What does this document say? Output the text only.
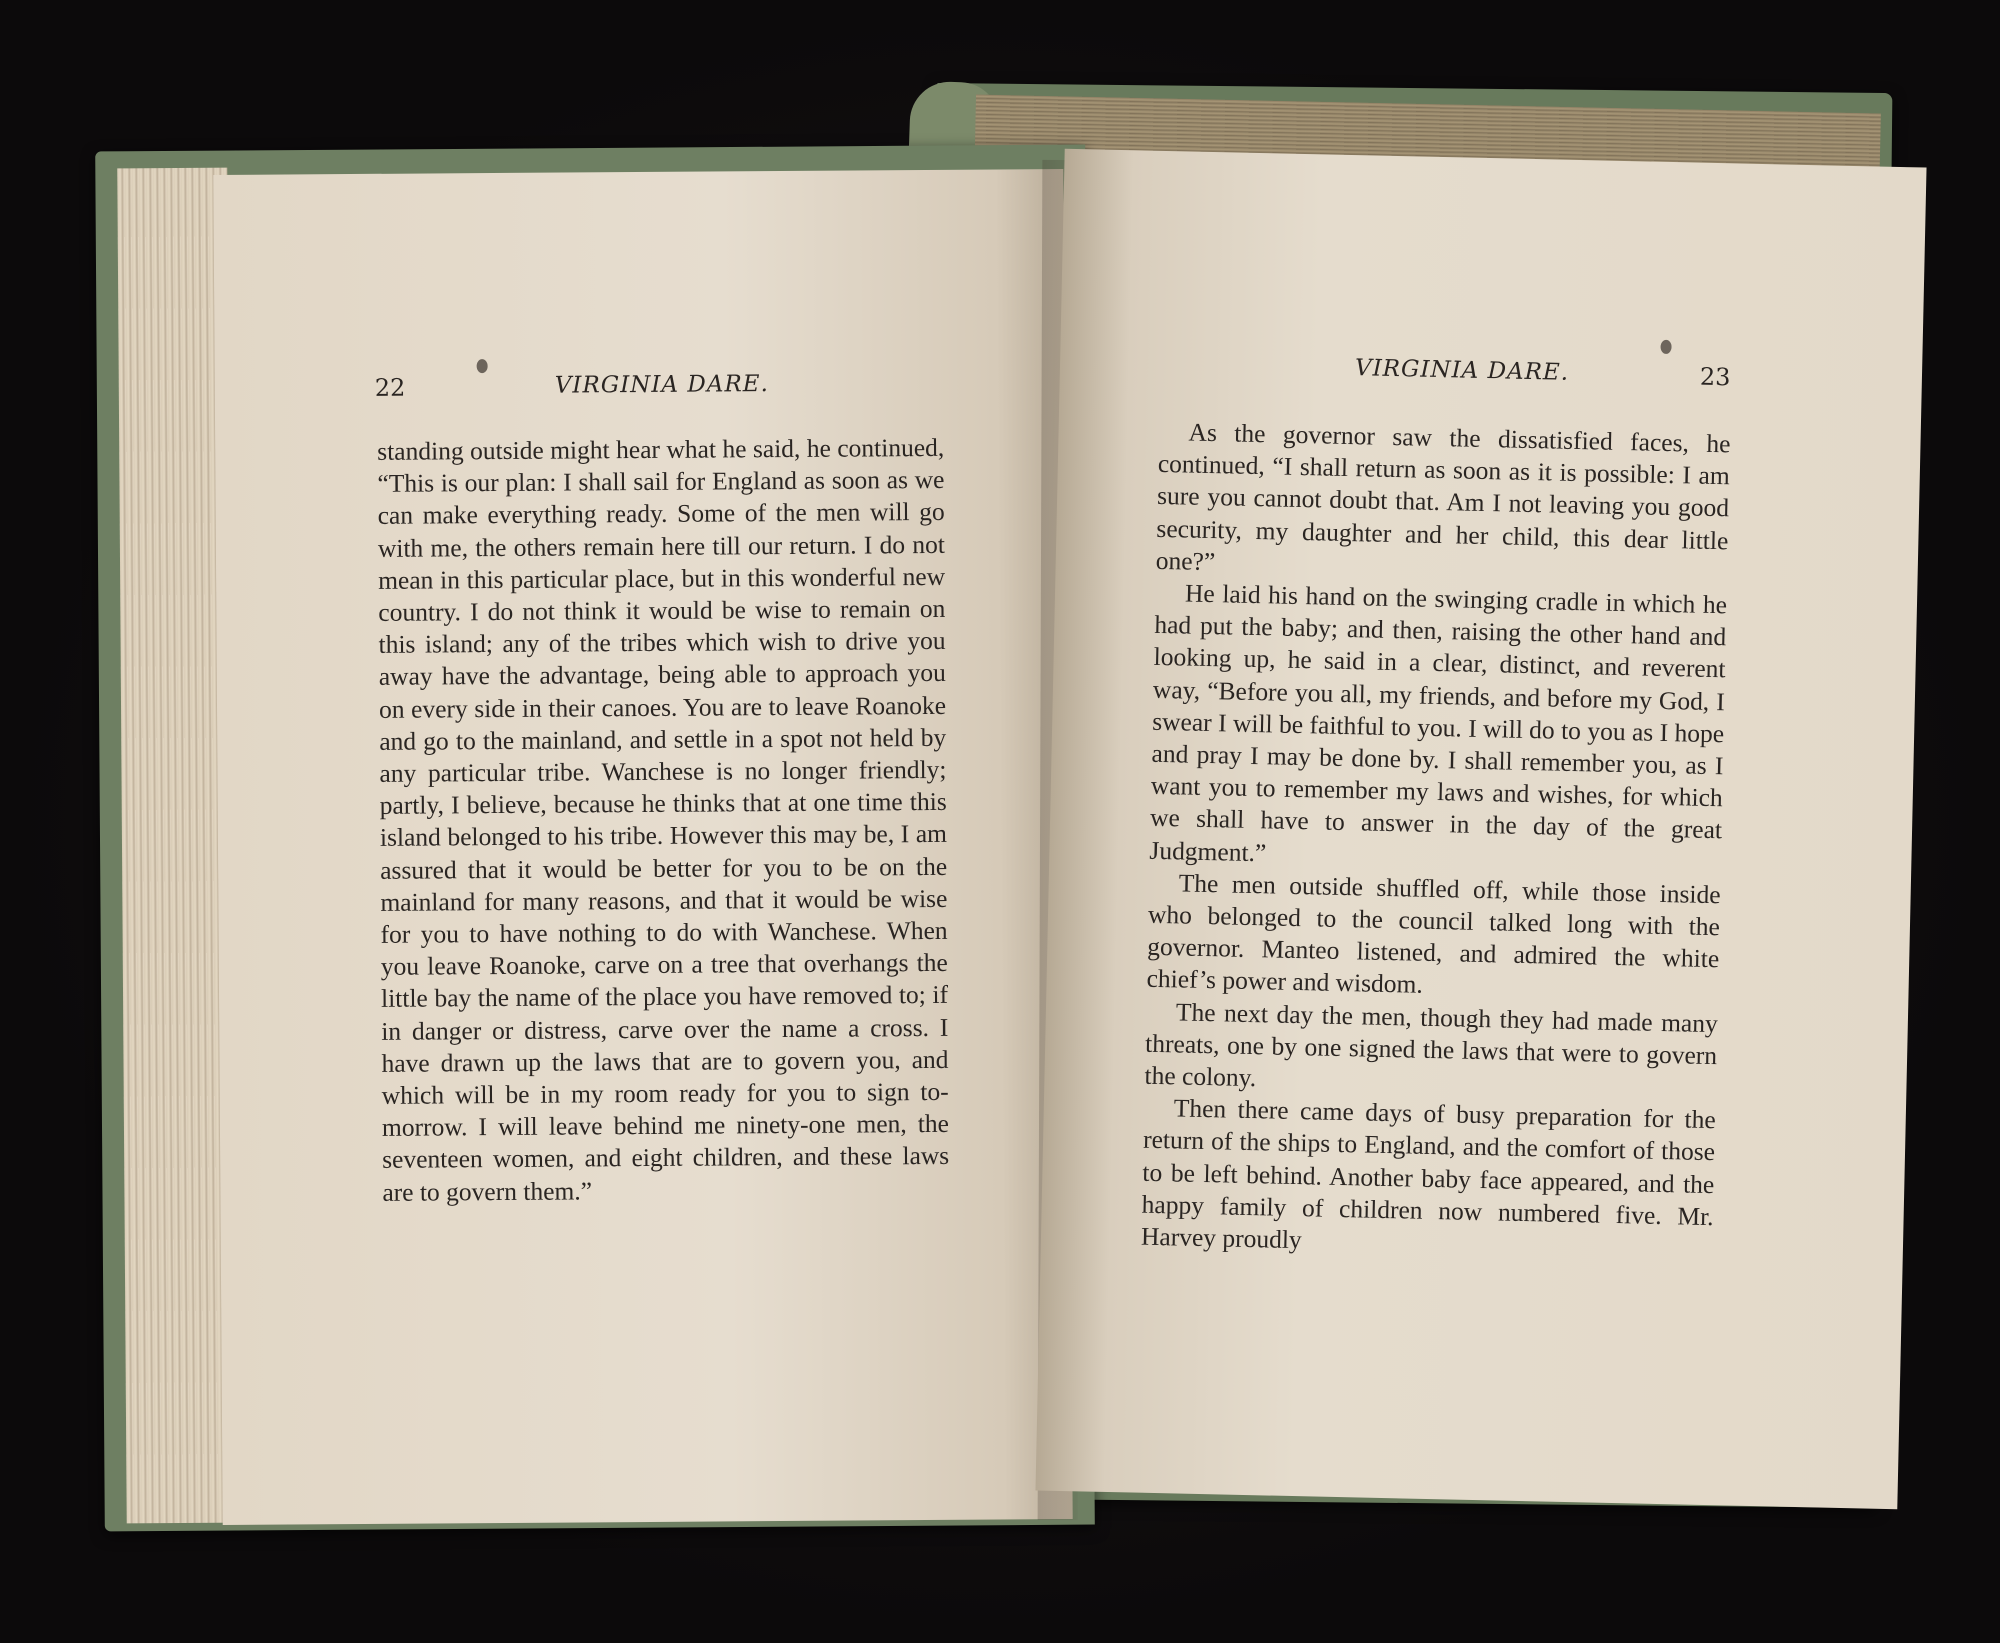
22	VIRGINIA DARE.

standing outside might hear what he said, he continued, “This is our plan: I shall sail for England as soon as we can make everything ready. Some of the men will go with me, the others remain here till our return. I do not mean in this particular place, but in this wonderful new country. I do not think it would be wise to remain on this island; any of the tribes which wish to drive you away have the advantage, being able to approach you on every side in their canoes. You are to leave Roanoke and go to the mainland, and settle in a spot not held by any particular tribe. Wanchese is no longer friendly; partly, I believe, because he thinks that at one time this island belonged to his tribe. However this may be, I am assured that it would be better for you to be on the mainland for many reasons, and that it would be wise for you to have nothing to do with Wanchese. When you leave Roanoke, carve on a tree that overhangs the little bay the name of the place you have removed to; if in danger or distress, carve over the name a cross. I have drawn up the laws that are to govern you, and which will be in my room ready for you to sign to-morrow. I will leave behind me ninety-one men, the seventeen women, and eight children, and these laws are to govern them.”

VIRGINIA DARE.	23

As the governor saw the dissatisfied faces, he continued, “I shall return as soon as it is possible: I am sure you cannot doubt that. Am I not leaving you good security, my daughter and her child, this dear little one?”

He laid his hand on the swinging cradle in which he had put the baby; and then, raising the other hand and looking up, he said in a clear, distinct, and reverent way, “Before you all, my friends, and before my God, I swear I will be faithful to you. I will do to you as I hope and pray I may be done by. I shall remember you, as I want you to remember my laws and wishes, for which we shall have to answer in the day of the great Judgment.”

The men outside shuffled off, while those inside who belonged to the council talked long with the governor. Manteo listened, and admired the white chief’s power and wisdom.

The next day the men, though they had made many threats, one by one signed the laws that were to govern the colony.

Then there came days of busy preparation for the return of the ships to England, and the comfort of those to be left behind. Another baby face appeared, and the happy family of children now numbered five. Mr. Harvey proudly
